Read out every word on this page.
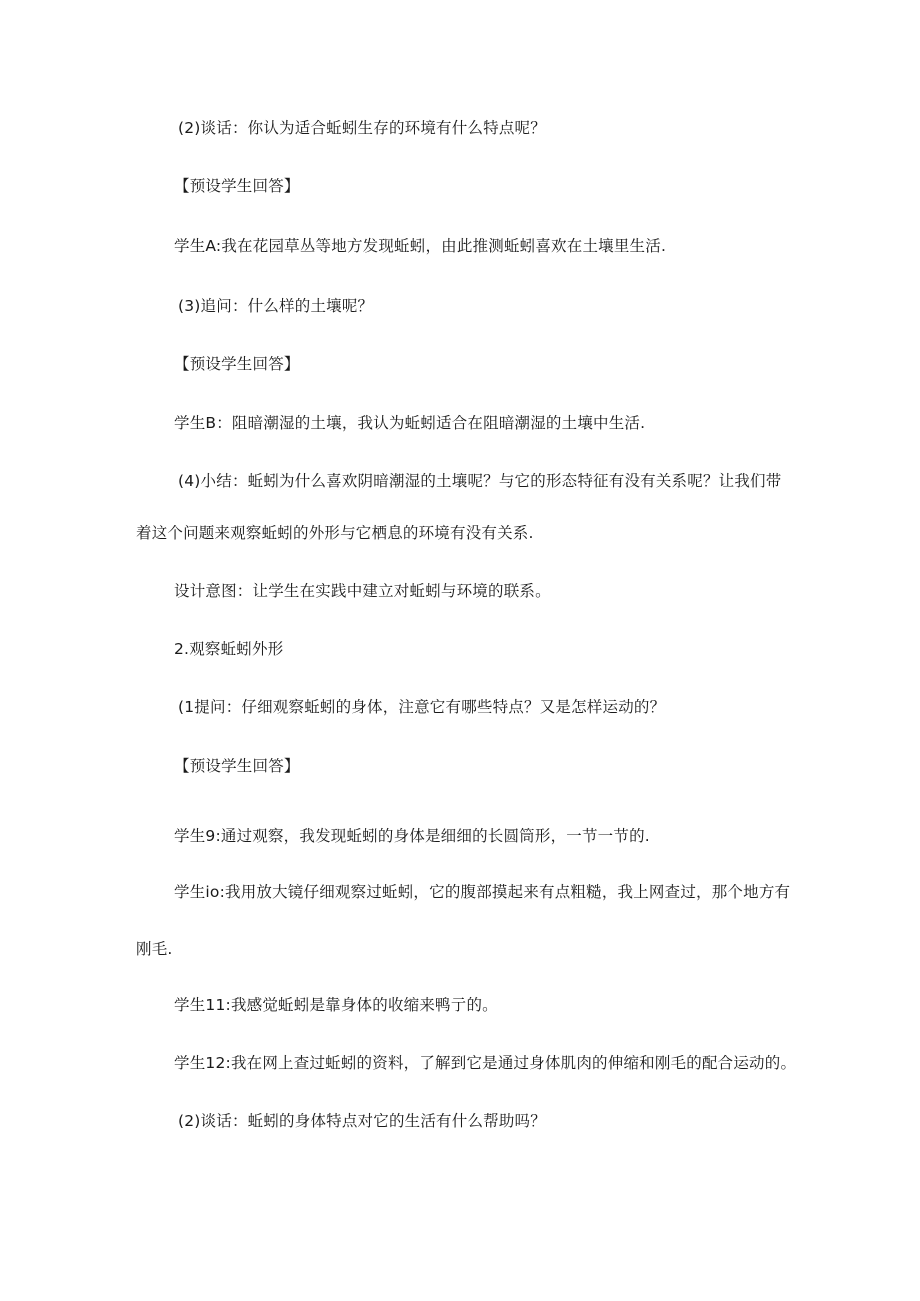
(2)谈话：你认为适合蚯蚓生存的环境有什么特点呢？
【预设学生回答】
学生A:我在花园草丛等地方发现蚯蚓，由此推测蚯蚓喜欢在土壤里生活.
(3)追问：什么样的土壤呢？
【预设学生回答】
学生B：阻暗潮湿的土壤，我认为蚯蚓适合在阻暗潮湿的土壤中生活.
(4)小结：蚯蚓为什么喜欢阴暗潮湿的土壤呢？与它的形态特征有没有关系呢？让我们带
着这个问题来观察蚯蚓的外形与它栖息的环境有没有关系.
设计意图：让学生在实践中建立对蚯蚓与环境的联系。
2.观察蚯蚓外形
(1提问：仔细观察蚯蚓的身体，注意它有哪些特点？又是怎样运动的？
【预设学生回答】
学生9:通过观察，我发现蚯蚓的身体是细细的长圆筒形，一节一节的.
学生io:我用放大镜仔细观察过蚯蚓，它的腹部摸起来有点粗糙，我上网查过，那个地方有
刚毛.
学生11:我感觉蚯蚓是靠身体的收缩来鸭亍的。
学生12:我在网上查过蚯蚓的资料，了解到它是通过身体肌肉的伸缩和刚毛的配合运动的。
(2)谈话：蚯蚓的身体特点对它的生活有什么帮助吗？
